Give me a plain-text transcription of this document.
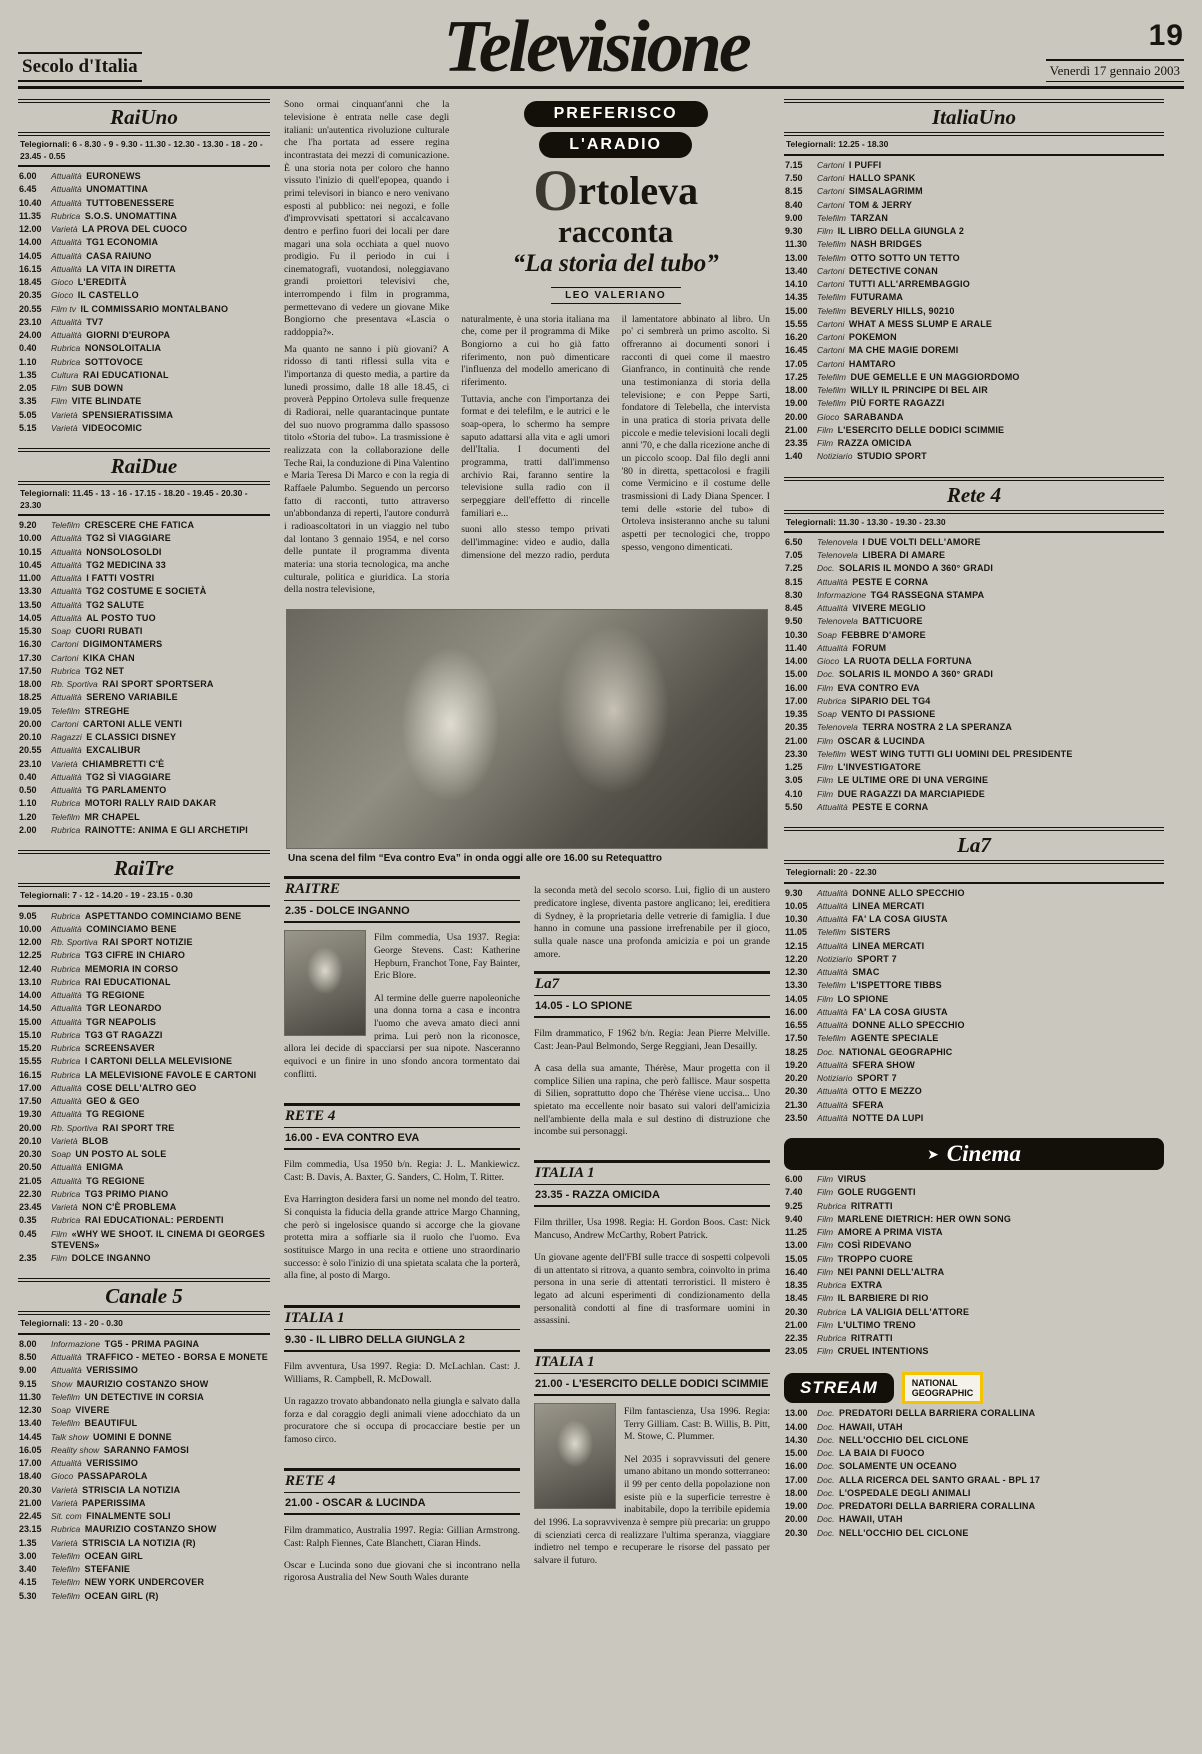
Secolo d'Italia	Televisione	19
Venerdì 17 gennaio 2003
RaiUno
Telegiornali: 6 - 8.30 - 9 - 9.30 - 11.30 - 12.30 - 13.30 - 18 - 20 - 23.45 - 0.55
6.00	Attualità EURONEWS
6.45	Attualità UNOMATTINA
10.40	Attualità TUTTOBENESSERE
11.35	Rubrica S.O.S. UNOMATTINA
12.00	Varietà LA PROVA DEL CUOCO
14.00	Attualità TG1 ECONOMIA
14.05	Attualità CASA RAIUNO
16.15	Attualità LA VITA IN DIRETTA
18.45	Gioco L'EREDITÀ
20.35	Gioco IL CASTELLO
20.55	Film tv IL COMMISSARIO MONTALBANO
23.10	Attualità TV7
24.00	Attualità GIORNI D'EUROPA
0.40	Rubrica NONSOLOITALIA
1.10	Rubrica SOTTOVOCE
1.35	Cultura RAI EDUCATIONAL
2.05	Film SUB DOWN
3.35	Film VITE BLINDATE
5.05	Varietà SPENSIERATISSIMA
5.15	Varietà VIDEOCOMIC
RaiDue
Telegiornali: 11.45 - 13 - 16 - 17.15 - 18.20 - 19.45 - 20.30 - 23.30
9.20	Telefilm CRESCERE CHE FATICA
10.00	Attualità TG2 SÌ VIAGGIARE
10.15	Attualità NONSOLOSOLDI
10.45	Attualità TG2 MEDICINA 33
11.00	Attualità I FATTI VOSTRI
13.30	Attualità TG2 COSTUME E SOCIETÀ
13.50	Attualità TG2 SALUTE
14.05	Attualità AL POSTO TUO
15.30	Soap CUORI RUBATI
16.30	Cartoni DIGIMONTAMERS
17.30	Cartoni KIKA CHAN
17.50	Rubrica TG2 NET
18.00	Rb. Sportiva RAI SPORT SPORTSERA
18.25	Attualità SERENO VARIABILE
19.05	Telefilm STREGHE
20.00	Cartoni CARTONI ALLE VENTI
20.10	Ragazzi E CLASSICI DISNEY
20.55	Attualità EXCALIBUR
23.10	Varietà CHIAMBRETTI C'È
0.40	Attualità TG2 SÌ VIAGGIARE
0.50	Attualità TG PARLAMENTO
1.10	Rubrica MOTORI RALLY RAID DAKAR
1.20	Telefilm MR CHAPEL
2.00	Rubrica RAINOTTE: ANIMA E GLI ARCHETIPI
RaiTre
Telegiornali: 7 - 12 - 14.20 - 19 - 23.15 - 0.30
9.05	Rubrica ASPETTANDO COMINCIAMO BENE
10.00	Attualità COMINCIAMO BENE
12.00	Rb. Sportiva RAI SPORT NOTIZIE
12.25	Rubrica TG3 CIFRE IN CHIARO
12.40	Rubrica MEMORIA IN CORSO
13.10	Rubrica RAI EDUCATIONAL
14.00	Attualità TG REGIONE
14.50	Attualità TGR LEONARDO
15.00	Attualità TGR NEAPOLIS
15.10	Rubrica TG3 GT RAGAZZI
15.20	Rubrica SCREENSAVER
15.55	Rubrica I CARTONI DELLA MELEVISIONE
16.15	Rubrica LA MELEVISIONE FAVOLE E CARTONI
17.00	Attualità COSE DELL'ALTRO GEO
17.50	Attualità GEO & GEO
19.30	Attualità TG REGIONE
20.00	Rb. Sportiva RAI SPORT TRE
20.10	Varietà BLOB
20.30	Soap UN POSTO AL SOLE
20.50	Attualità ENIGMA
21.05	Attualità TG REGIONE
22.30	Rubrica TG3 PRIMO PIANO
23.45	Varietà NON C'È PROBLEMA
0.35	Rubrica RAI EDUCATIONAL: PERDENTI
0.45	Film «WHY WE SHOOT. IL CINEMA DI GEORGES STEVENS»
2.35	Film DOLCE INGANNO
Canale 5
Telegiornali: 13 - 20 - 0.30
8.00	Informazione TG5 - PRIMA PAGINA
8.50	Attualità TRAFFICO - METEO - BORSA E MONETE
9.00	Attualità VERISSIMO
9.15	Show MAURIZIO COSTANZO SHOW
11.30	Telefilm UN DETECTIVE IN CORSIA
12.30	Soap VIVERE
13.40	Telefilm BEAUTIFUL
14.45	Talk show UOMINI E DONNE
16.05	Reality show SARANNO FAMOSI
17.00	Attualità VERISSIMO
18.40	Gioco PASSAPAROLA
20.30	Varietà STRISCIA LA NOTIZIA
21.00	Varietà PAPERISSIMA
22.45	Sit. com FINALMENTE SOLI
23.15	Rubrica MAURIZIO COSTANZO SHOW
1.35	Varietà STRISCIA LA NOTIZIA (R)
3.00	Telefilm OCEAN GIRL
3.40	Telefilm STEFANIE
4.15	Telefilm NEW YORK UNDERCOVER
5.30	Telefilm OCEAN GIRL (R)

Sono ormai cinquant'anni che la televisione è entrata nelle case degli italiani: un'autentica rivoluzione culturale che l'ha portata ad essere regina incontrastata dei mezzi di comunicazione. È una storia nota per coloro che hanno vissuto l'inizio di quell'epopea, quando i primi televisori in bianco e nero venivano esposti al pubblico: nei negozi, e folle d'improvvisati spettatori si accalcavano dentro e perfino fuori dei locali per dare magari una sola occhiata a quel nuovo prodigio. Fu il periodo in cui i cinematografi, vuotandosi, noleggiavano grandi proiettori televisivi che, interrompendo i film in programma, permettevano di vedere un giovane Mike Bongiorno che presentava «Lascia o raddoppia?».

Ma quanto ne sanno i più giovani? A ridosso di tanti riflessi sulla vita e l'importanza di questo media, a partire da lunedì prossimo, dalle 18 alle 18.45, ci proverà Peppino Ortoleva sulle frequenze di Radiorai, nelle quarantacinque puntate del suo nuovo programma dallo spassoso titolo «Storia del tubo». La trasmissione è realizzata con la collaborazione delle Teche Rai, la conduzione di Pina Valentino e Maria Teresa Di Marco e con la regia di Raffaele Palumbo. Seguendo un percorso fatto di racconti, tutto attraverso un'abbondanza di reperti, l'autore condurrà i radioascoltatori in un viaggio nel tubo dal lontano 3 gennaio 1954, e nel corso delle puntate il programma diventa materia: una storia tecnologica, ma anche culturale, politica e giuridica. La storia della nostra televisione,

PREFERISCO
L'ARADIO
Ortoleva
racconta
“La storia del tubo”
LEO VALERIANO

naturalmente, è una storia italiana ma che, come per il programma di Mike Bongiorno a cui ho già fatto riferimento, non può dimenticare l'influenza del modello americano di riferimento.

Tuttavia, anche con l'importanza dei format e dei telefilm, e le autrici e le soap-opera, lo schermo ha sempre saputo adattarsi alla vita e agli umori dell'Italia. I documenti del programma, tratti dall'immenso archivio Rai, faranno sentire la televisione sulla radio con il serpeggiare dell'effetto di rincelle familiari e...

suoni allo stesso tempo privati dell'immagine: video e audio, dalla dimensione del mezzo radio, perduta il lamentatore abbinato al libro. Un po' ci sembrerà un primo ascolto. Si offreranno ai documenti sonori i racconti di quei come il maestro Gianfranco, in continuità che rende una testimonianza di storia della televisione; e con Peppe Sarti, fondatore di Telebella, che intervista in una pratica di storia privata delle piccole e medie televisioni locali degli anni '70, e che dalla ricezione anche di un piccolo scoop. Dal filo degli anni '80 in diretta, spettacolosi e fragili come Vermicino e il costume delle trasmissioni di Lady Diana Spencer. I temi delle «storie del tubo» di Ortoleva insisteranno anche su taluni aspetti per tecnologici che, troppo spesso, vengono dimenticati.

Una scena del film “Eva contro Eva” in onda oggi alle ore 16.00 su Retequattro
RAITRE
2.35 - DOLCE INGANNO

Film commedia, Usa 1937. Regia: George Stevens. Cast: Katherine Hepburn, Franchot Tone, Fay Bainter, Eric Blore.

Al termine delle guerre napoleoniche una donna torna a casa e incontra l'uomo che aveva amato dieci anni prima. Lui però non la riconosce, allora lei decide di spacciarsi per sua nipote. Nasceranno equivoci e un finire in uno sfondo ancora tormentato dai conflitti.

RETE 4
16.00 - EVA CONTRO EVA

Film commedia, Usa 1950 b/n. Regia: J. L. Mankiewicz. Cast: B. Davis, A. Baxter, G. Sanders, C. Holm, T. Ritter.

Eva Harrington desidera farsi un nome nel mondo del teatro. Si conquista la fiducia della grande attrice Margo Channing, che però si ingelosisce quando si accorge che la giovane protetta mira a soffiarle sia il ruolo che l'uomo. Eva sostituisce Margo in una recita e ottiene uno straordinario successo: è solo l'inizio di una spietata scalata che la porterà, alla fine, al posto di Margo.

ITALIA 1
9.30 - IL LIBRO DELLA GIUNGLA 2

Film avventura, Usa 1997. Regia: D. McLachlan. Cast: J. Williams, R. Campbell, R. McDowall.

Un ragazzo trovato abbandonato nella giungla e salvato dalla forza e dal coraggio degli animali viene adocchiato da un procuratore che si occupa di procacciare bestie per un famoso circo.

RETE 4
21.00 - OSCAR & LUCINDA

Film drammatico, Australia 1997. Regia: Gillian Armstrong. Cast: Ralph Fiennes, Cate Blanchett, Ciaran Hinds.

Oscar e Lucinda sono due giovani che si incontrano nella rigorosa Australia del New South Wales durante

la seconda metà del secolo scorso. Lui, figlio di un austero predicatore inglese, diventa pastore anglicano; lei, ereditiera di Sydney, è la proprietaria delle vetrerie di famiglia. I due hanno in comune una passione irrefrenabile per il gioco, sulla quale nasce una profonda amicizia e poi un grande amore.

La7
14.05 - LO SPIONE

Film drammatico, F 1962 b/n. Regia: Jean Pierre Melville. Cast: Jean-Paul Belmondo, Serge Reggiani, Jean Desailly.

A casa della sua amante, Thérèse, Maur progetta con il complice Silien una rapina, che però fallisce. Maur sospetta di Silien, soprattutto dopo che Thérèse viene uccisa... Uno spietato ma eccellente noir basato sui valori dell'amicizia nell'ambiente della mala e sul destino di distruzione che incombe sui personaggi.

ITALIA 1
23.35 - RAZZA OMICIDA

Film thriller, Usa 1998. Regia: H. Gordon Boos. Cast: Nick Mancuso, Andrew McCarthy, Robert Patrick.

Un giovane agente dell'FBI sulle tracce di sospetti colpevoli di un attentato si ritrova, a quanto sembra, coinvolto in prima persona in una serie di attentati terroristici. Il mistero è legato ad alcuni esperimenti di condizionamento della personalità condotti al fine di trasformare uomini in assassini.

ITALIA 1
21.00 - L'ESERCITO DELLE DODICI SCIMMIE

Film fantascienza, Usa 1996. Regia: Terry Gilliam. Cast: B. Willis, B. Pitt, M. Stowe, C. Plummer.

Nel 2035 i sopravvissuti del genere umano abitano un mondo sotterraneo: il 99 per cento della popolazione non esiste più e la superficie terrestre è inabitabile, dopo la terribile epidemia del 1996. La sopravvivenza è sempre più precaria: un gruppo di scienziati cerca di realizzare l'ultima speranza, viaggiare indietro nel tempo e recuperare le risorse del passato per salvare il futuro.

ItaliaUno
Telegiornali: 12.25 - 18.30
7.15	Cartoni I PUFFI
7.50	Cartoni HALLO SPANK
8.15	Cartoni SIMSALAGRIMM
8.40	Cartoni TOM & JERRY
9.00	Telefilm TARZAN
9.30	Film IL LIBRO DELLA GIUNGLA 2
11.30	Telefilm NASH BRIDGES
13.00	Telefilm OTTO SOTTO UN TETTO
13.40	Cartoni DETECTIVE CONAN
14.10	Cartoni TUTTI ALL'ARREMBAGGIO
14.35	Telefilm FUTURAMA
15.00	Telefilm BEVERLY HILLS, 90210
15.55	Cartoni WHAT A MESS SLUMP E ARALE
16.20	Cartoni POKEMON
16.45	Cartoni MA CHE MAGIE DOREMI
17.05	Cartoni HAMTARO
17.25	Telefilm DUE GEMELLE E UN MAGGIORDOMO
18.00	Telefilm WILLY IL PRINCIPE DI BEL AIR
19.00	Telefilm PIÙ FORTE RAGAZZI
20.00	Gioco SARABANDA
21.00	Film L'ESERCITO DELLE DODICI SCIMMIE
23.35	Film RAZZA OMICIDA
1.40	Notiziario STUDIO SPORT
Rete 4
Telegiornali: 11.30 - 13.30 - 19.30 - 23.30
6.50	Telenovela I DUE VOLTI DELL'AMORE
7.05	Telenovela LIBERA DI AMARE
7.25	Doc. SOLARIS IL MONDO A 360° GRADI
8.15	Attualità PESTE E CORNA
8.30	Informazione TG4 RASSEGNA STAMPA
8.45	Attualità VIVERE MEGLIO
9.50	Telenovela BATTICUORE
10.30	Soap FEBBRE D'AMORE
11.40	Attualità FORUM
14.00	Gioco LA RUOTA DELLA FORTUNA
15.00	Doc. SOLARIS IL MONDO A 360° GRADI
16.00	Film EVA CONTRO EVA
17.00	Rubrica SIPARIO DEL TG4
19.35	Soap VENTO DI PASSIONE
20.35	Telenovela TERRA NOSTRA 2 LA SPERANZA
21.00	Film OSCAR & LUCINDA
23.30	Telefilm WEST WING TUTTI GLI UOMINI DEL PRESIDENTE
1.25	Film L'INVESTIGATORE
3.05	Film LE ULTIME ORE DI UNA VERGINE
4.10	Film DUE RAGAZZI DA MARCIAPIEDE
5.50	Attualità PESTE E CORNA
La7
Telegiornali: 20 - 22.30
9.30	Attualità DONNE ALLO SPECCHIO
10.05	Attualità LINEA MERCATI
10.30	Attualità FA' LA COSA GIUSTA
11.05	Telefilm SISTERS
12.15	Attualità LINEA MERCATI
12.20	Notiziario SPORT 7
12.30	Attualità SMAC
13.30	Telefilm L'ISPETTORE TIBBS
14.05	Film LO SPIONE
16.00	Attualità FA' LA COSA GIUSTA
16.55	Attualità DONNE ALLO SPECCHIO
17.50	Telefilm AGENTE SPECIALE
18.25	Doc. NATIONAL GEOGRAPHIC
19.20	Attualità SFERA SHOW
20.20	Notiziario SPORT 7
20.30	Attualità OTTO E MEZZO
21.30	Attualità SFERA
23.50	Attualità NOTTE DA LUPI
➤ Cinema
6.00	Film VIRUS
7.40	Film GOLE RUGGENTI
9.25	Rubrica RITRATTI
9.40	Film MARLENE DIETRICH: HER OWN SONG
11.25	Film AMORE A PRIMA VISTA
13.00	Film COSÌ RIDEVANO
15.05	Film TROPPO CUORE
16.40	Film NEI PANNI DELL'ALTRA
18.35	Rubrica EXTRA
18.45	Film IL BARBIERE DI RIO
20.30	Rubrica LA VALIGIA DELL'ATTORE
21.00	Film L'ULTIMO TRENO
22.35	Rubrica RITRATTI
23.05	Film CRUEL INTENTIONS
STREAM	NATIONAL
GEOGRAPHIC
13.00	Doc. PREDATORI DELLA BARRIERA CORALLINA
14.00	Doc. HAWAII, UTAH
14.30	Doc. NELL'OCCHIO DEL CICLONE
15.00	Doc. LA BAIA DI FUOCO
16.00	Doc. SOLAMENTE UN OCEANO
17.00	Doc. ALLA RICERCA DEL SANTO GRAAL - BPL 17
18.00	Doc. L'OSPEDALE DEGLI ANIMALI
19.00	Doc. PREDATORI DELLA BARRIERA CORALLINA
20.00	Doc. HAWAII, UTAH
20.30	Doc. NELL'OCCHIO DEL CICLONE
